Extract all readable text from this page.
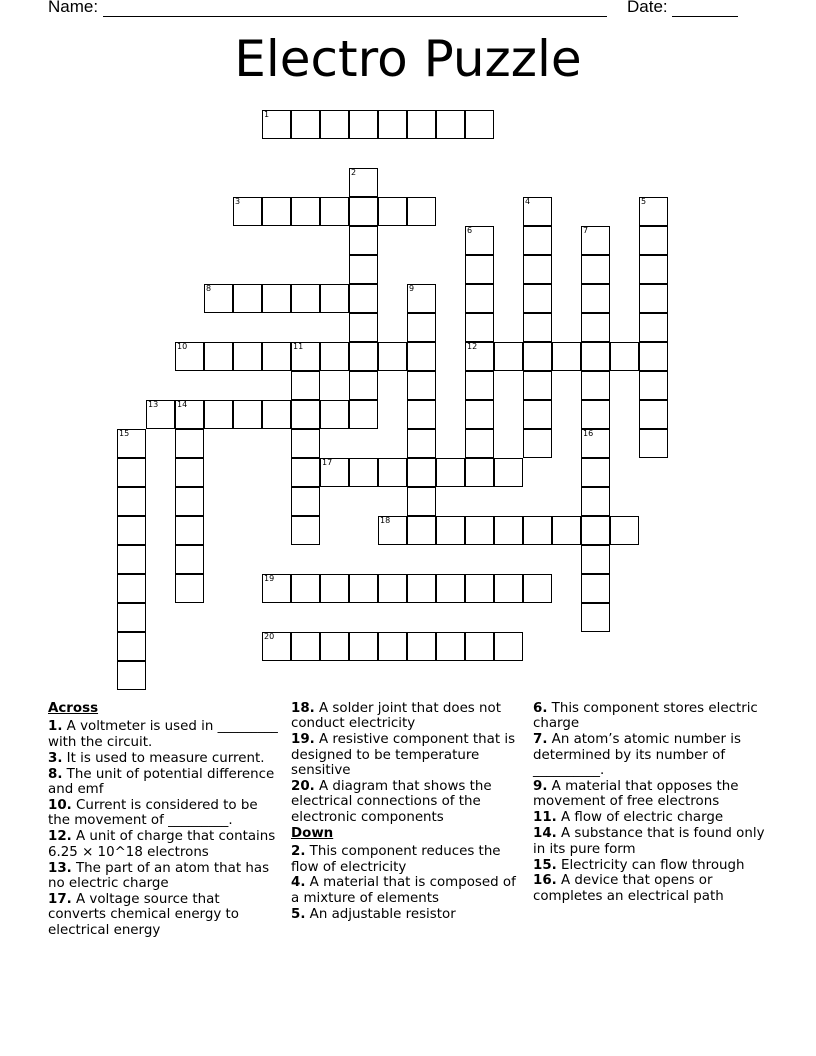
Name:	Date:
Electro Puzzle
1
3
8
10	11	12
13 14
17
18
19
20
2
4	5
6	7
9
15	16
Across
1. A voltmeter is used in _________ with the circuit.
3. It is used to measure current.
8. The unit of potential difference and emf
10. Current is considered to be the movement of _________.
12. A unit of charge that contains 6.25 × 10^18 electrons
13. The part of an atom that has no electric charge
17. A voltage source that converts chemical energy to electrical energy
18. A solder joint that does not conduct electricity
19. A resistive component that is designed to be temperature sensitive
20. A diagram that shows the electrical connections of the electronic components
Down
2. This component reduces the flow of electricity
4. A material that is composed of a mixture of elements
5. An adjustable resistor
6. This component stores electric charge
7. An atom’s atomic number is determined by its number of __________.
9. A material that opposes the movement of free electrons
11. A flow of electric charge
14. A substance that is found only in its pure form
15. Electricity can flow through
16. A device that opens or completes an electrical path
